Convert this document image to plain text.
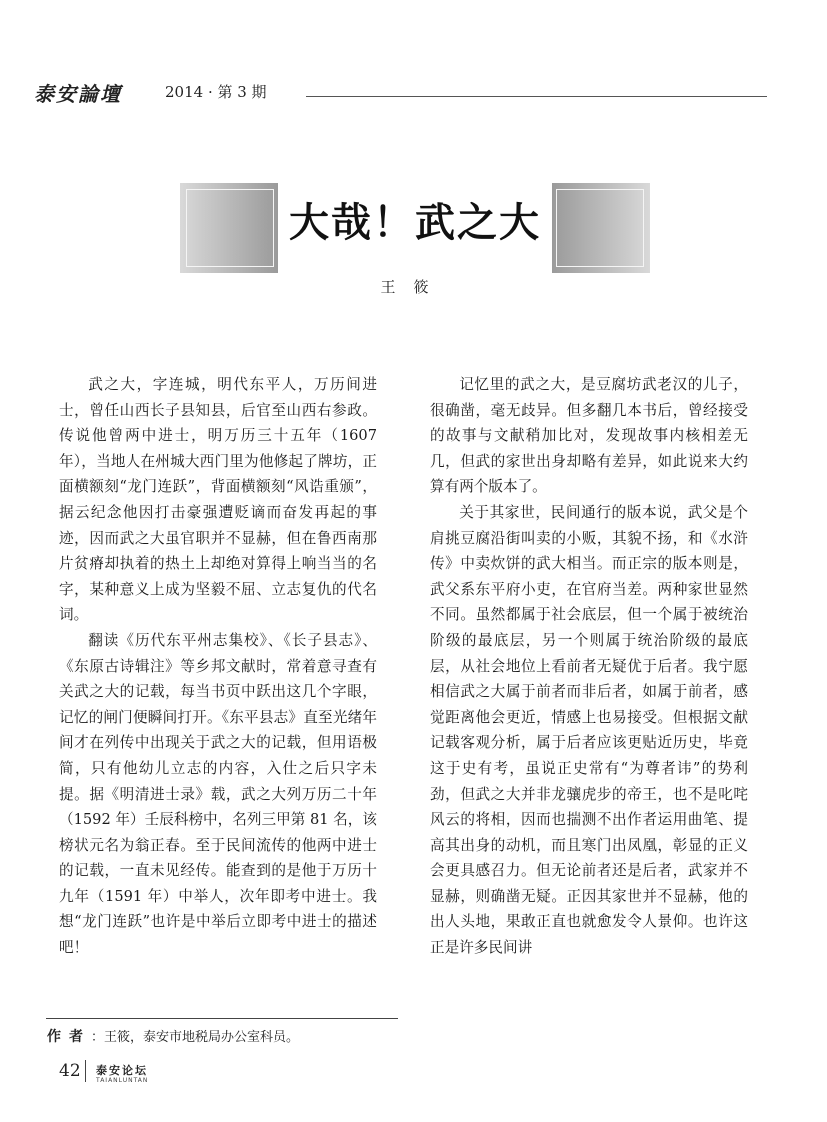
泰安論壇	2014 · 第 3 期
大哉！武之大
王筱

武之大，字连城，明代东平人，万历间进士，曾任山西长子县知县，后官至山西右参政。传说他曾两中进士，明万历三十五年（1607 年），当地人在州城大西门里为他修起了牌坊，正面横额刻“龙门连跃”，背面横额刻“风诰重颁”，据云纪念他因打击豪强遭贬谪而奋发再起的事迹，因而武之大虽官职并不显赫，但在鲁西南那片贫瘠却执着的热土上却绝对算得上响当当的名字，某种意义上成为坚毅不屈、立志复仇的代名词。

翻读《历代东平州志集校》、《长子县志》、《东原古诗辑注》等乡邦文献时，常着意寻查有关武之大的记载，每当书页中跃出这几个字眼，记忆的闸门便瞬间打开。《东平县志》直至光绪年间才在列传中出现关于武之大的记载，但用语极简，只有他幼儿立志的内容，入仕之后只字未提。据《明清进士录》载，武之大列万历二十年（1592 年）壬辰科榜中，名列三甲第 81 名，该榜状元名为翁正春。至于民间流传的他两中进士的记载，一直未见经传。能查到的是他于万历十九年（1591 年）中举人，次年即考中进士。我想“龙门连跃”也许是中举后立即考中进士的描述吧！

记忆里的武之大，是豆腐坊武老汉的儿子，很确凿，毫无歧异。但多翻几本书后，曾经接受的故事与文献稍加比对，发现故事内核相差无几，但武的家世出身却略有差异，如此说来大约算有两个版本了。

关于其家世，民间通行的版本说，武父是个肩挑豆腐沿街叫卖的小贩，其貌不扬，和《水浒传》中卖炊饼的武大相当。而正宗的版本则是，武父系东平府小吏，在官府当差。两种家世显然不同。虽然都属于社会底层，但一个属于被统治阶级的最底层，另一个则属于统治阶级的最底层，从社会地位上看前者无疑优于后者。我宁愿相信武之大属于前者而非后者，如属于前者，感觉距离他会更近，情感上也易接受。但根据文献记载客观分析，属于后者应该更贴近历史，毕竟这于史有考，虽说正史常有“为尊者讳”的势利劲，但武之大并非龙骧虎步的帝王，也不是叱咤风云的将相，因而也揣测不出作者运用曲笔、提高其出身的动机，而且寒门出凤凰，彰显的正义会更具感召力。但无论前者还是后者，武家并不显赫，则确凿无疑。正因其家世并不显赫，他的出人头地，果敢正直也就愈发令人景仰。也许这正是许多民间讲

作者：王筱，泰安市地税局办公室科员。
42 泰安论坛
TAIANLUNTAN
